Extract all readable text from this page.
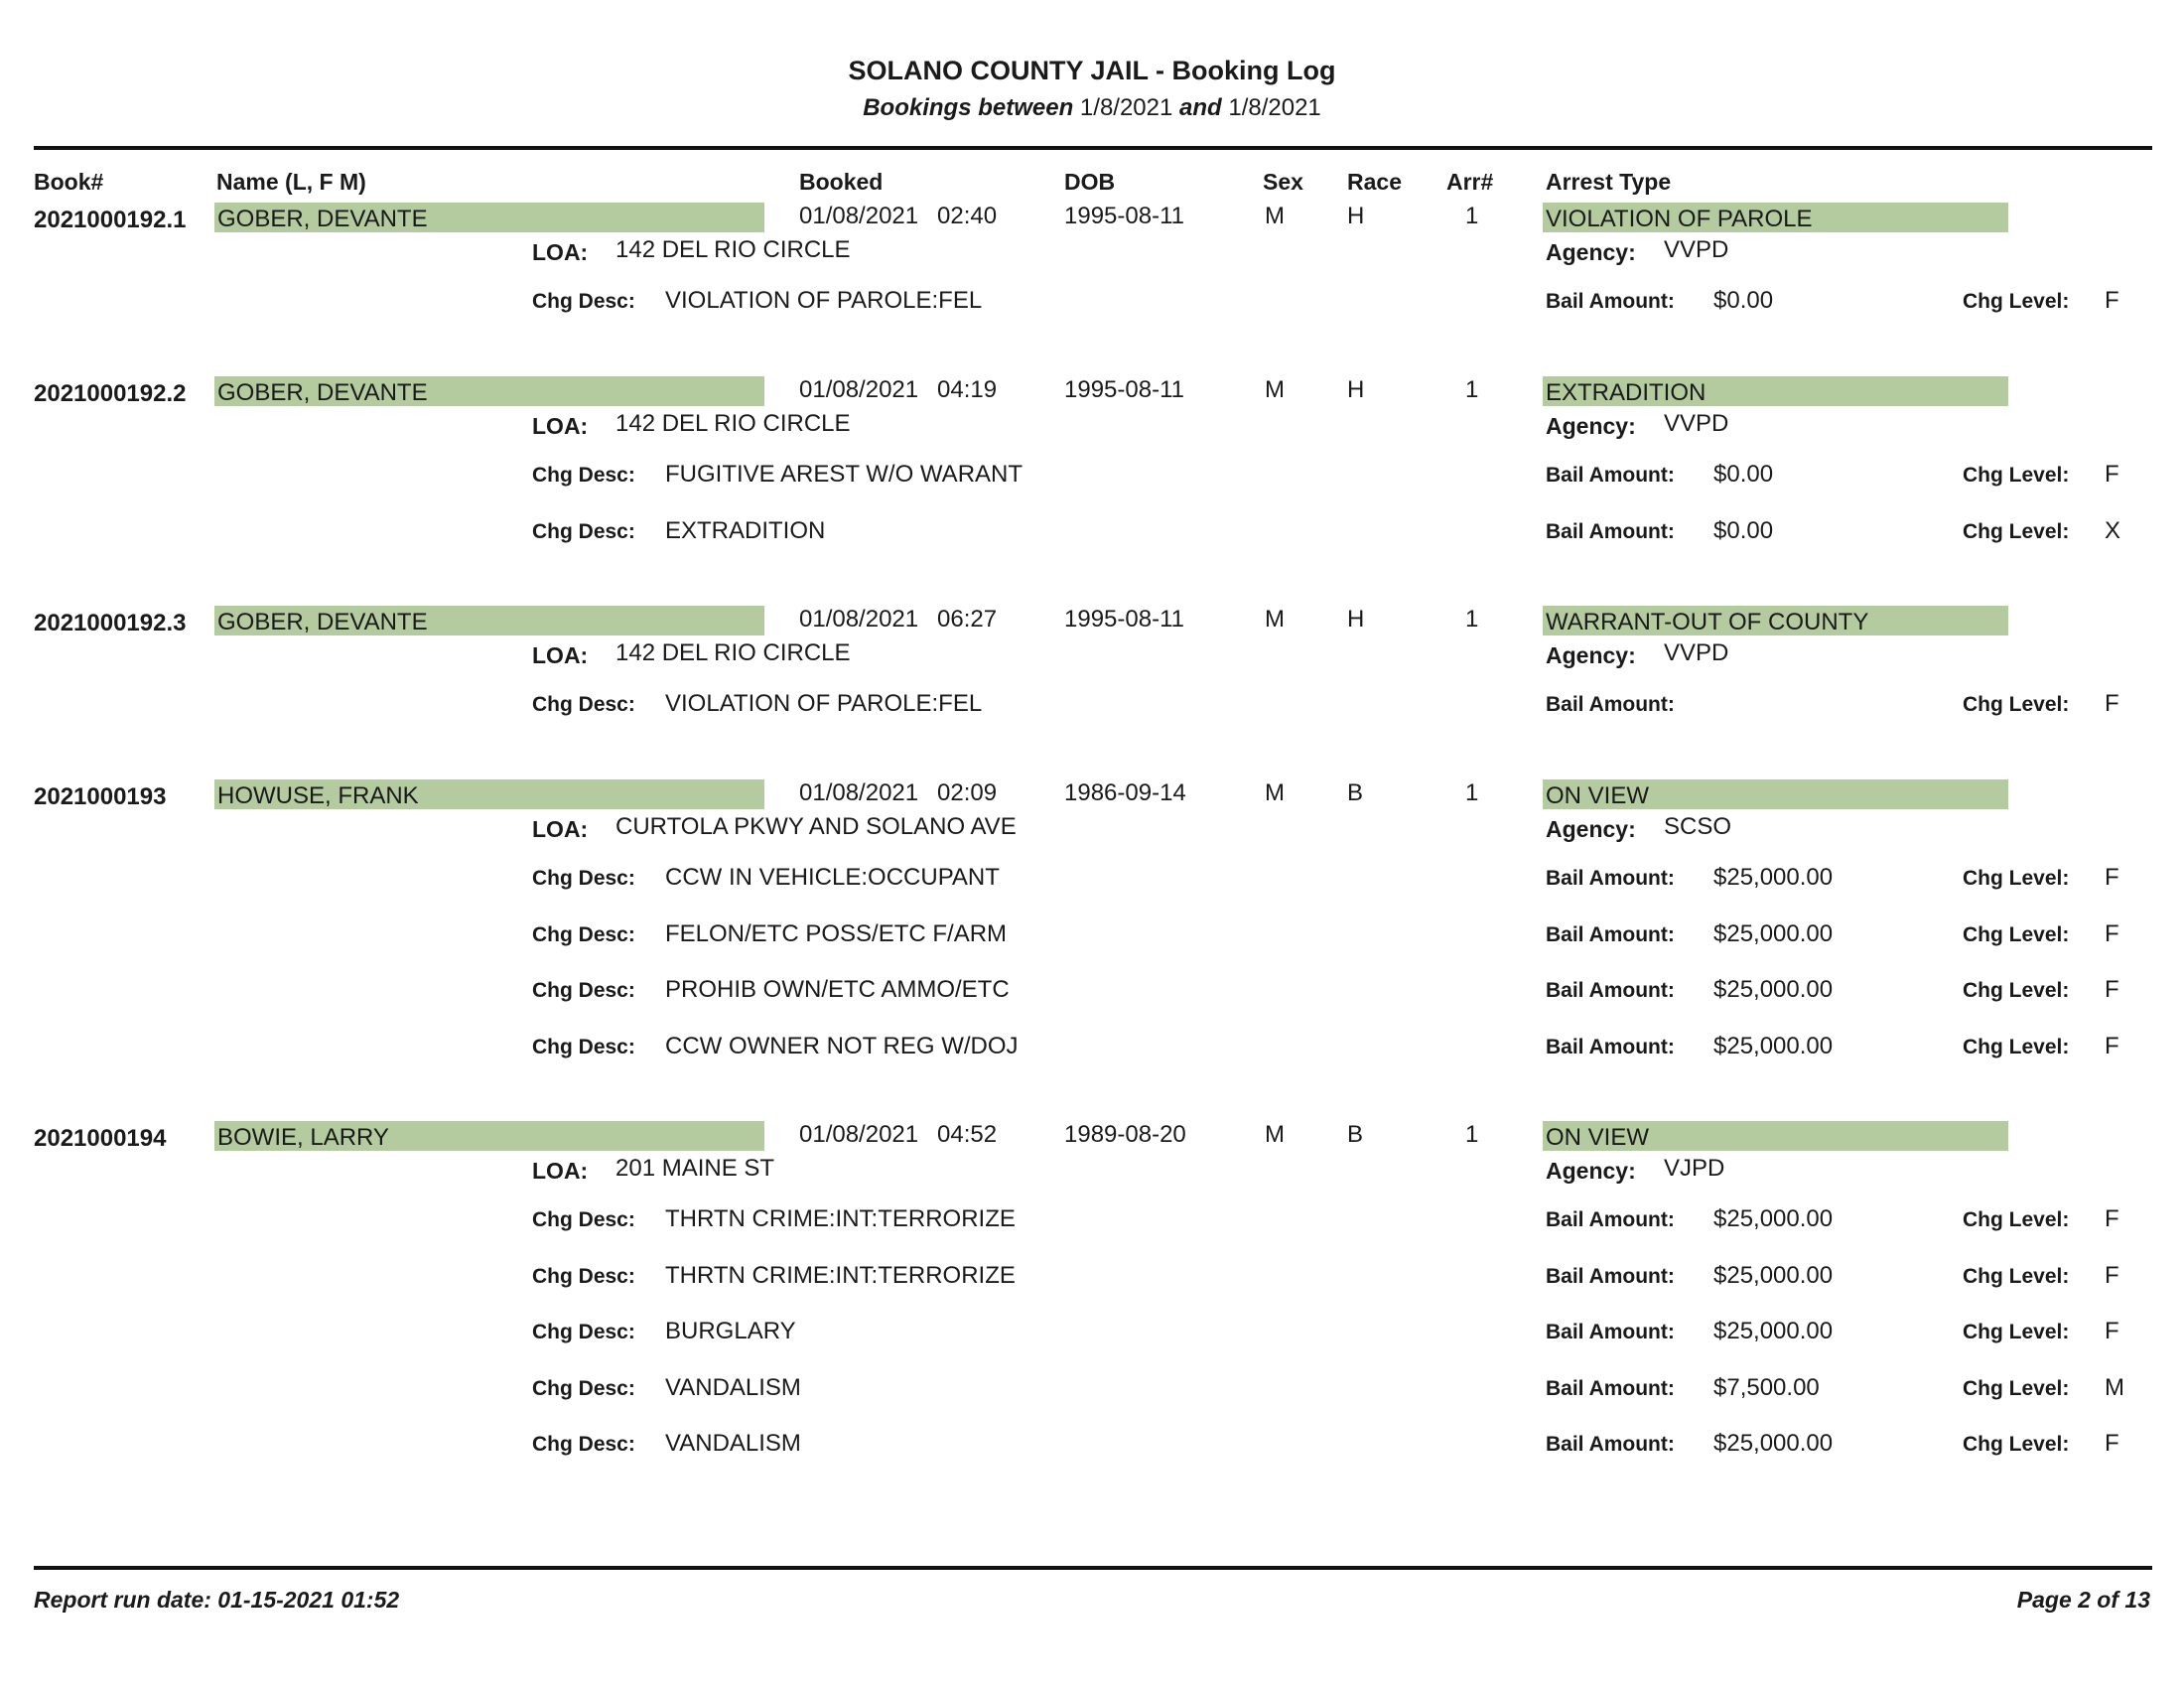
SOLANO COUNTY JAIL - Booking Log
Bookings between 1/8/2021 and 1/8/2021
Book#	Name (L, F M)	Booked	DOB	Sex Race Arr# Arrest Type
2021000192.1 GOBER, DEVANTE	01/08/2021 02:40	1995-08-11	M	H	1	VIOLATION OF PAROLE
LOA: 142 DEL RIO CIRCLE	Agency: VVPD
Chg Desc: VIOLATION OF PAROLE:FEL	Bail Amount: $0.00	Chg Level: F
2021000192.2 GOBER, DEVANTE	01/08/2021 04:19	1995-08-11	M	H	1	EXTRADITION
LOA: 142 DEL RIO CIRCLE	Agency: VVPD
Chg Desc: FUGITIVE AREST W/O WARANT	Bail Amount: $0.00	Chg Level: F
Chg Desc: EXTRADITION	Bail Amount: $0.00	Chg Level: X
2021000192.3 GOBER, DEVANTE	01/08/2021 06:27	1995-08-11	M	H	1	WARRANT-OUT OF COUNTY
LOA: 142 DEL RIO CIRCLE	Agency: VVPD
Chg Desc: VIOLATION OF PAROLE:FEL	Bail Amount:	Chg Level: F
2021000193 HOWUSE, FRANK	01/08/2021 02:09	1986-09-14	M	B	1	ON VIEW
LOA: CURTOLA PKWY AND SOLANO AVE	Agency: SCSO
Chg Desc: CCW IN VEHICLE:OCCUPANT	Bail Amount: $25,000.00	Chg Level: F
Chg Desc: FELON/ETC POSS/ETC F/ARM	Bail Amount: $25,000.00	Chg Level: F
Chg Desc: PROHIB OWN/ETC AMMO/ETC	Bail Amount: $25,000.00	Chg Level: F
Chg Desc: CCW OWNER NOT REG W/DOJ	Bail Amount: $25,000.00	Chg Level: F
2021000194 BOWIE, LARRY	01/08/2021 04:52	1989-08-20	M	B	1	ON VIEW
LOA: 201 MAINE ST	Agency: VJPD
Chg Desc: THRTN CRIME:INT:TERRORIZE	Bail Amount: $25,000.00	Chg Level: F
Chg Desc: THRTN CRIME:INT:TERRORIZE	Bail Amount: $25,000.00	Chg Level: F
Chg Desc: BURGLARY	Bail Amount: $25,000.00	Chg Level: F
Chg Desc: VANDALISM	Bail Amount: $7,500.00	Chg Level: M
Chg Desc: VANDALISM	Bail Amount: $25,000.00	Chg Level: F
Report run date: 01-15-2021 01:52	Page 2 of 13
